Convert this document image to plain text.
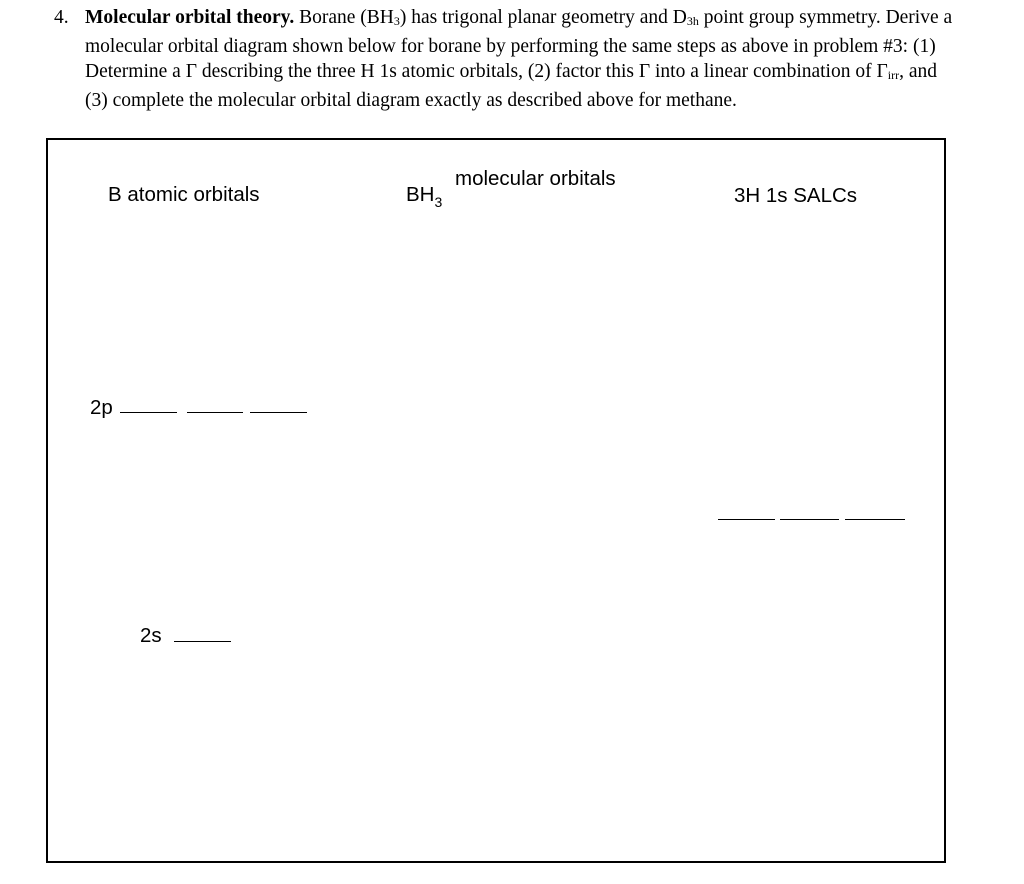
4. Molecular orbital theory. Borane (BH3) has trigonal planar geometry and D3h point group symmetry. Derive a molecular orbital diagram shown below for borane by performing the same steps as above in problem #3: (1) Determine a Γ describing the three H 1s atomic orbitals, (2) factor this Γ into a linear combination of Γirr, and (3) complete the molecular orbital diagram exactly as described above for methane.
B atomic orbitals	$BH_3$
molecular orbitals
3H 1s SALCs
2p
2s
